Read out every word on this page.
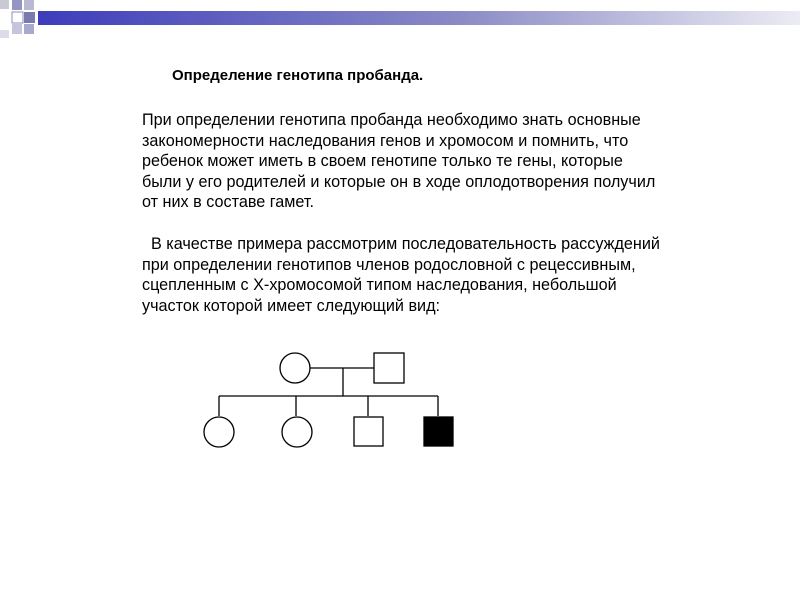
Определение генотипа пробанда.
При определении генотипа пробанда необходимо знать основные
закономерности наследования генов и хромосом и помнить, что
ребенок может иметь в своем генотипе только те гены, которые
были у его родителей и которые он в ходе оплодотворения получил
от них в составе гамет.
В качестве примера рассмотрим последовательность рассуждений
при определении генотипов членов родословной с рецессивным,
сцепленным с Х-хромосомой типом наследования, небольшой
участок которой имеет следующий вид:
